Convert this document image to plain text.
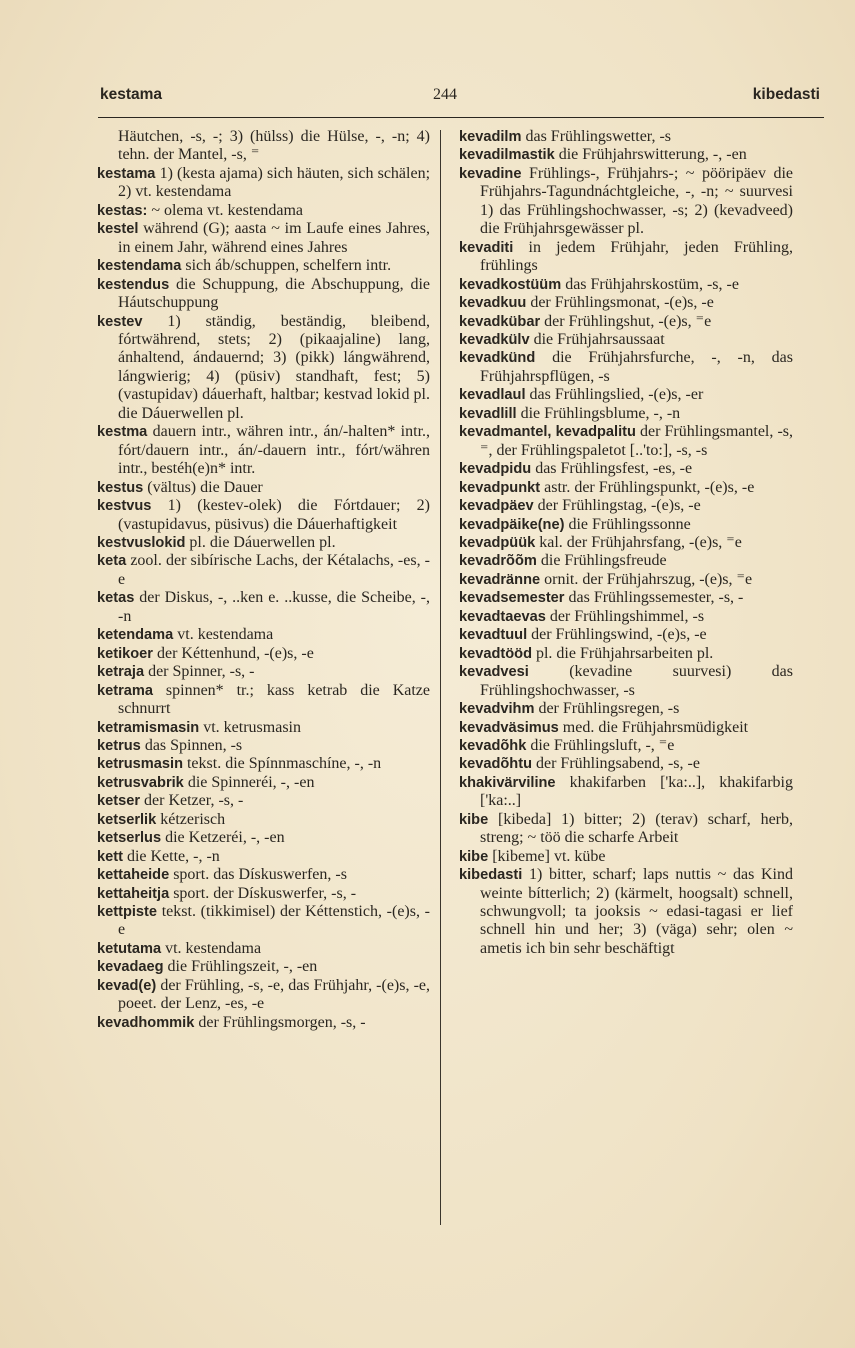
kestama	244	kibedasti

Häutchen, -s, -; 3) (hülss) die Hülse, -, -n; 4) tehn. der Mantel, -s, ⁼

kestama 1) (kesta ajama) sich häuten, sich schälen; 2) vt. kestendama

kestas: ~ olema vt. kestendama

kestel während (G); aasta ~ im Laufe eines Jahres, in einem Jahr, während eines Jahres

kestendama sich áb/schuppen, schelfern intr.

kestendus die Schuppung, die Abschuppung, die Háutschuppung

kestev 1) ständig, beständig, bleibend, fórtwährend, stets; 2) (pikaajaline) lang, ánhaltend, ándauernd; 3) (pikk) lángwährend, lángwierig; 4) (püsiv) standhaft, fest; 5) (vastupidav) dáuerhaft, haltbar; kestvad lokid pl. die Dáuerwellen pl.

kestma dauern intr., währen intr., án/-halten* intr., fórt/dauern intr., án/-dauern intr., fórt/währen intr., bestéh(e)n* intr.

kestus (vältus) die Dauer

kestvus 1) (kestev-olek) die Fórtdauer; 2) (vastupidavus, püsivus) die Dáuerhaftigkeit

kestvuslokid pl. die Dáuerwellen pl.

keta zool. der sibírische Lachs, der Kétalachs, -es, -e

ketas der Diskus, -, ..ken e. ..kusse, die Scheibe, -, -n

ketendama vt. kestendama

ketikoer der Kéttenhund, -(e)s, -e

ketraja der Spinner, -s, -

ketrama spinnen* tr.; kass ketrab die Katze schnurrt

ketramismasin vt. ketrusmasin

ketrus das Spinnen, -s

ketrusmasin tekst. die Spínnmaschíne, -, -n

ketrusvabrik die Spinneréi, -, -en

ketser der Ketzer, -s, -

ketserlik kétzerisch

ketserlus die Ketzeréi, -, -en

kett die Kette, -, -n

kettaheide sport. das Dískuswerfen, -s

kettaheitja sport. der Dískuswerfer, -s, -

kettpiste tekst. (tikkimisel) der Kéttenstich, -(e)s, -e

ketutama vt. kestendama

kevadaeg die Frühlingszeit, -, -en

kevad(e) der Frühling, -s, -e, das Frühjahr, -(e)s, -e, poeet. der Lenz, -es, -e

kevadhommik der Frühlingsmorgen, -s, -

kevadilm das Frühlingswetter, -s

kevadilmastik die Frühjahrswitterung, -, -en

kevadine Frühlings-, Frühjahrs-; ~ pööripäev die Frühjahrs-Tagundnáchtgleiche, -, -n; ~ suurvesi 1) das Frühlingshochwasser, -s; 2) (kevadveed) die Frühjahrsgewässer pl.

kevaditi in jedem Frühjahr, jeden Frühling, frühlings

kevadkostüüm das Frühjahrskostüm, -s, -e

kevadkuu der Frühlingsmonat, -(e)s, -e

kevadkübar der Frühlingshut, -(e)s, ⁼e

kevadkülv die Frühjahrsaussaat

kevadkünd die Frühjahrsfurche, -, -n, das Frühjahrspflügen, -s

kevadlaul das Frühlingslied, -(e)s, -er

kevadlill die Frühlingsblume, -, -n

kevadmantel, kevadpalitu der Frühlingsmantel, -s, ⁼, der Frühlingspaletot [..'to:], -s, -s

kevadpidu das Frühlingsfest, -es, -e

kevadpunkt astr. der Frühlingspunkt, -(e)s, -e

kevadpäev der Frühlingstag, -(e)s, -e

kevadpäike(ne) die Frühlingssonne

kevadpüük kal. der Frühjahrsfang, -(e)s, ⁼e

kevadrõõm die Frühlingsfreude

kevadränne ornit. der Frühjahrszug, -(e)s, ⁼e

kevadsemester das Frühlingssemester, -s, -

kevadtaevas der Frühlingshimmel, -s

kevadtuul der Frühlingswind, -(e)s, -e

kevadtööd pl. die Frühjahrsarbeiten pl.

kevadvesi	(kevadine suurvesi) das Frühlingshochwasser, -s

kevadvihm der Frühlingsregen, -s

kevadväsimus med. die Frühjahrsmüdigkeit

kevadõhk die Frühlingsluft, -, ⁼e

kevadõhtu der Frühlingsabend, -s, -e

khakivärviline khakifarben ['ka:..], khakifarbig ['ka:..]

kibe [kibeda] 1) bitter; 2) (terav) scharf, herb, streng; ~ töö die scharfe Arbeit

kibe [kibeme] vt. kübe

kibedasti 1) bitter, scharf; laps nuttis ~ das Kind weinte bítterlich; 2) (kärmelt, hoogsalt) schnell, schwungvoll; ta jooksis ~ edasi-tagasi er lief schnell hin und her; 3) (väga) sehr; olen ~ ametis ich bin sehr beschäftigt
